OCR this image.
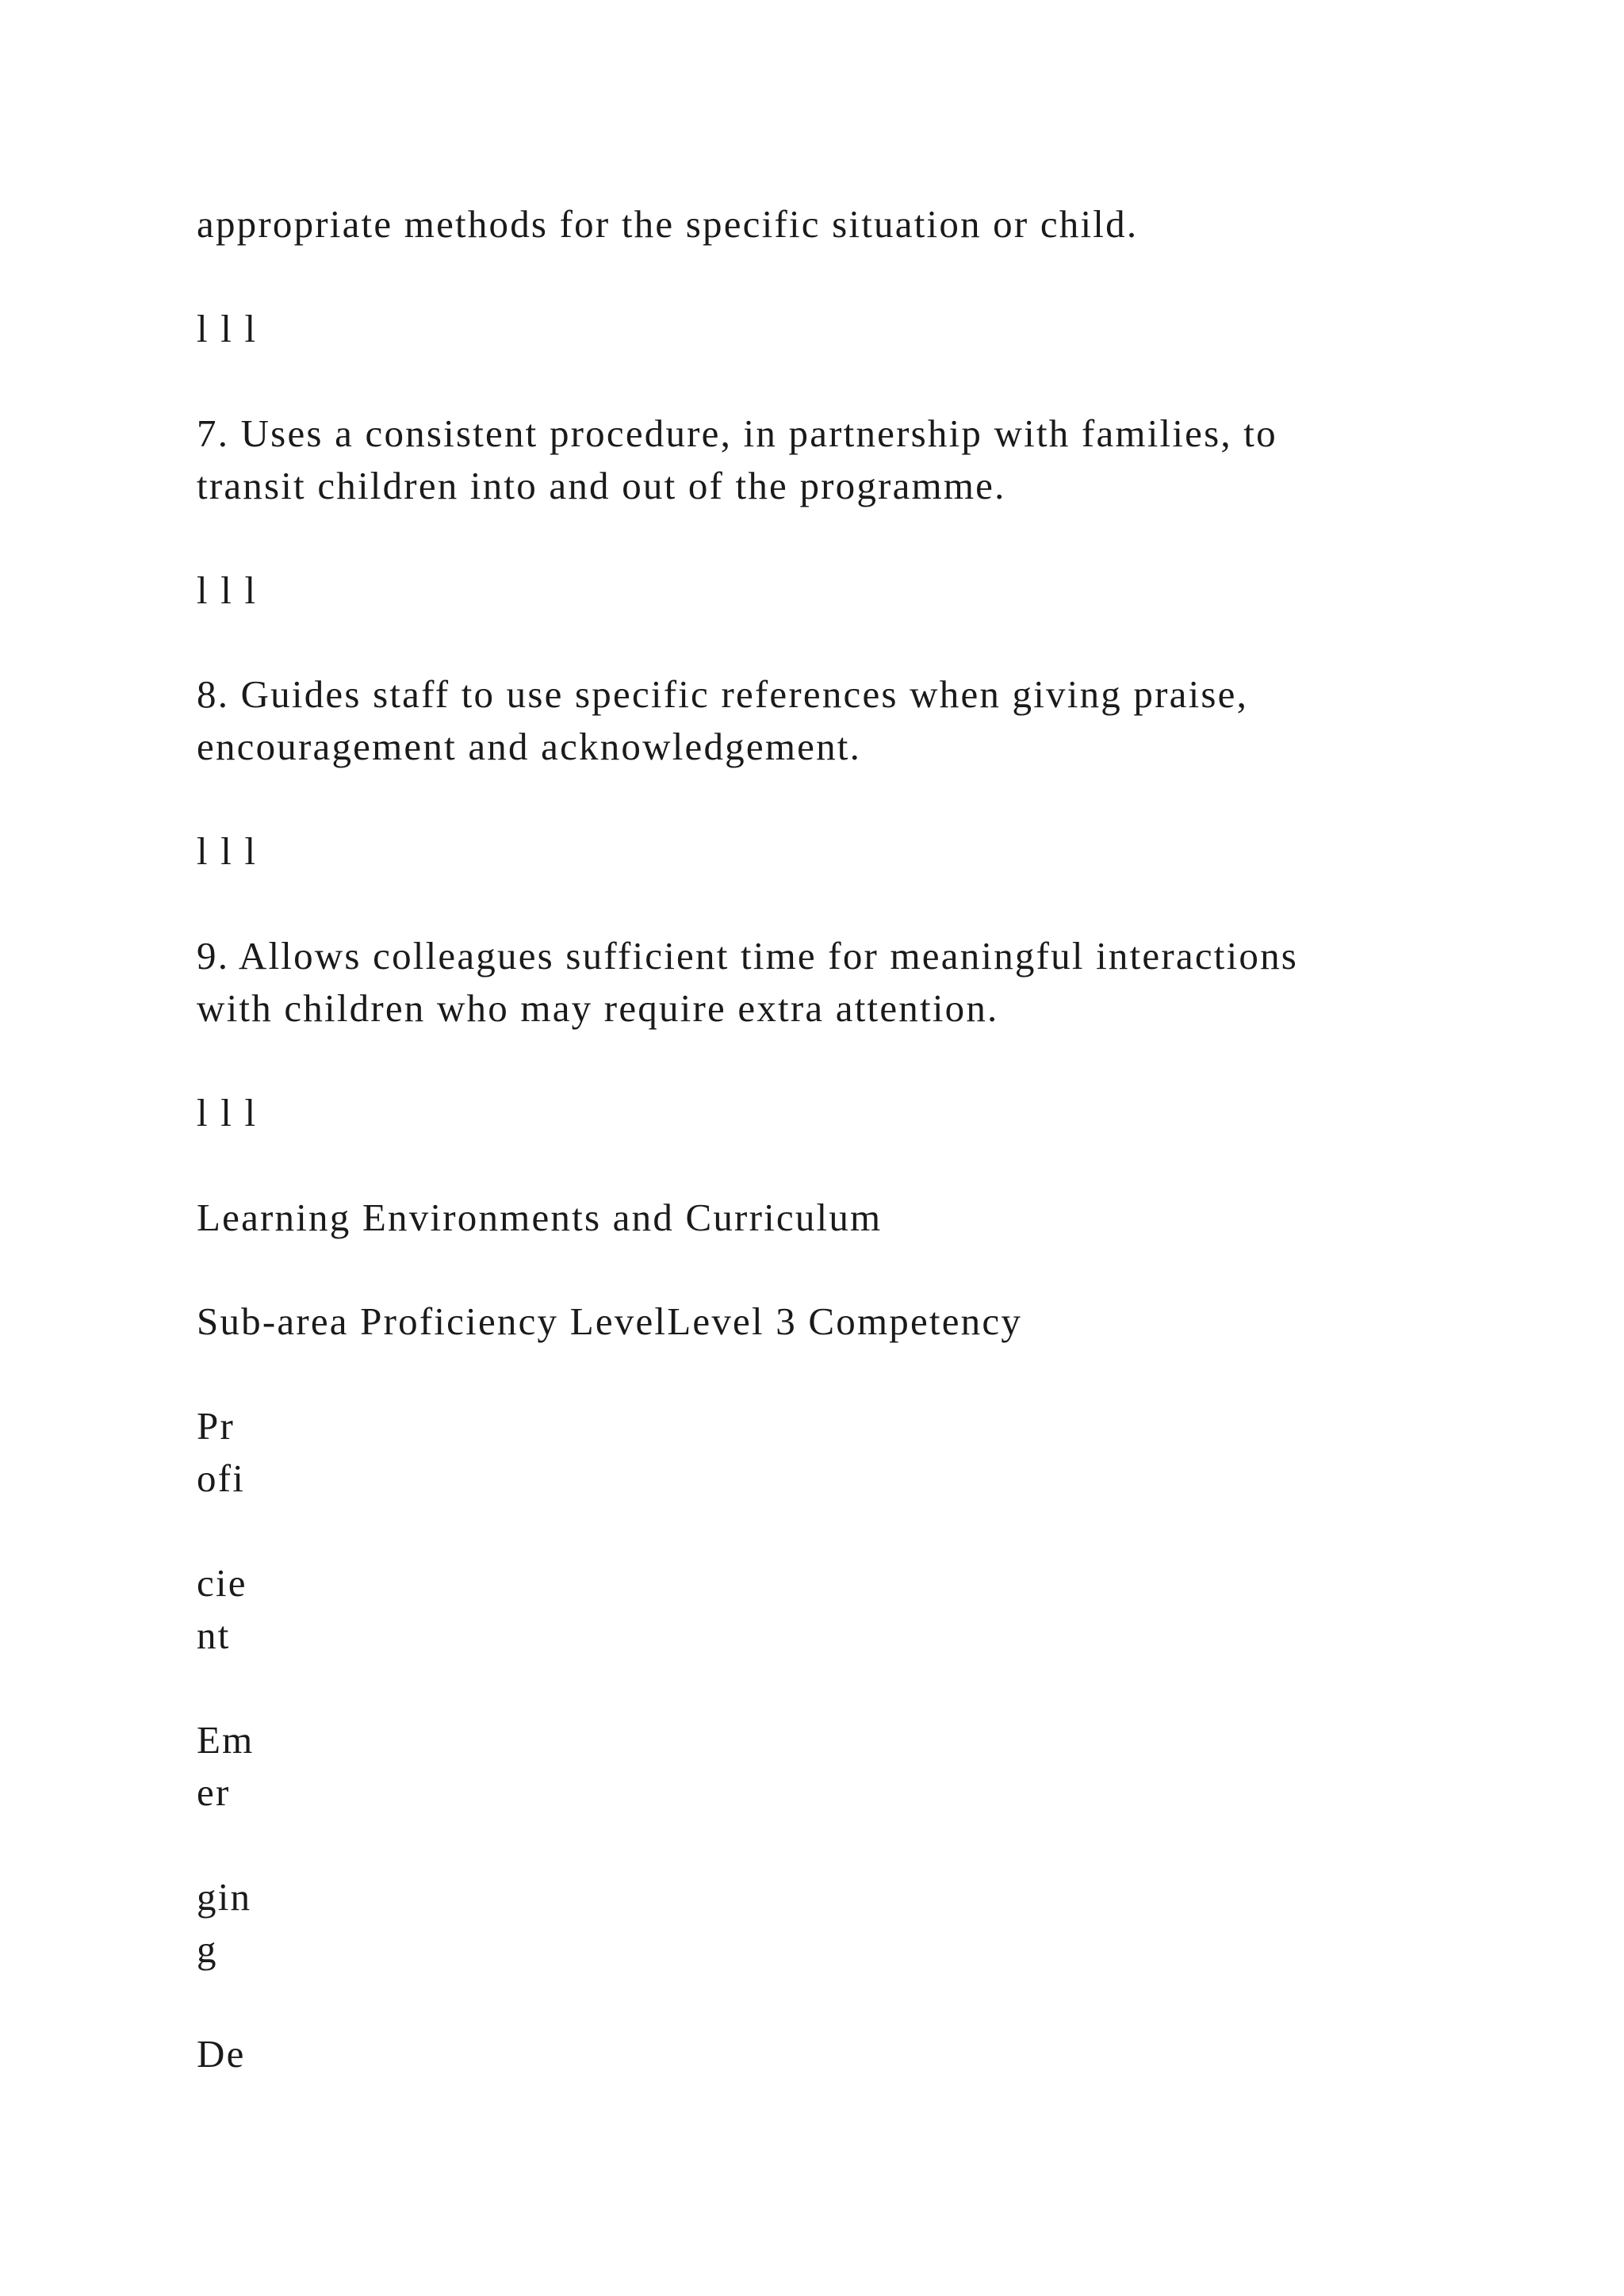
appropriate methods for the specific situation or child.

l l l

7. Uses a consistent procedure, in partnership with families, to

transit children into and out of the programme.

l l l

8. Guides staff to use specific references when giving praise,

encouragement and acknowledgement.

l l l

9. Allows colleagues sufficient time for meaningful interactions

with children who may require extra attention.

l l l

Learning Environments and Curriculum

Sub-area Proficiency LevelLevel 3 Competency

Pr

ofi

cie

nt

Em

er

gin

g

De
